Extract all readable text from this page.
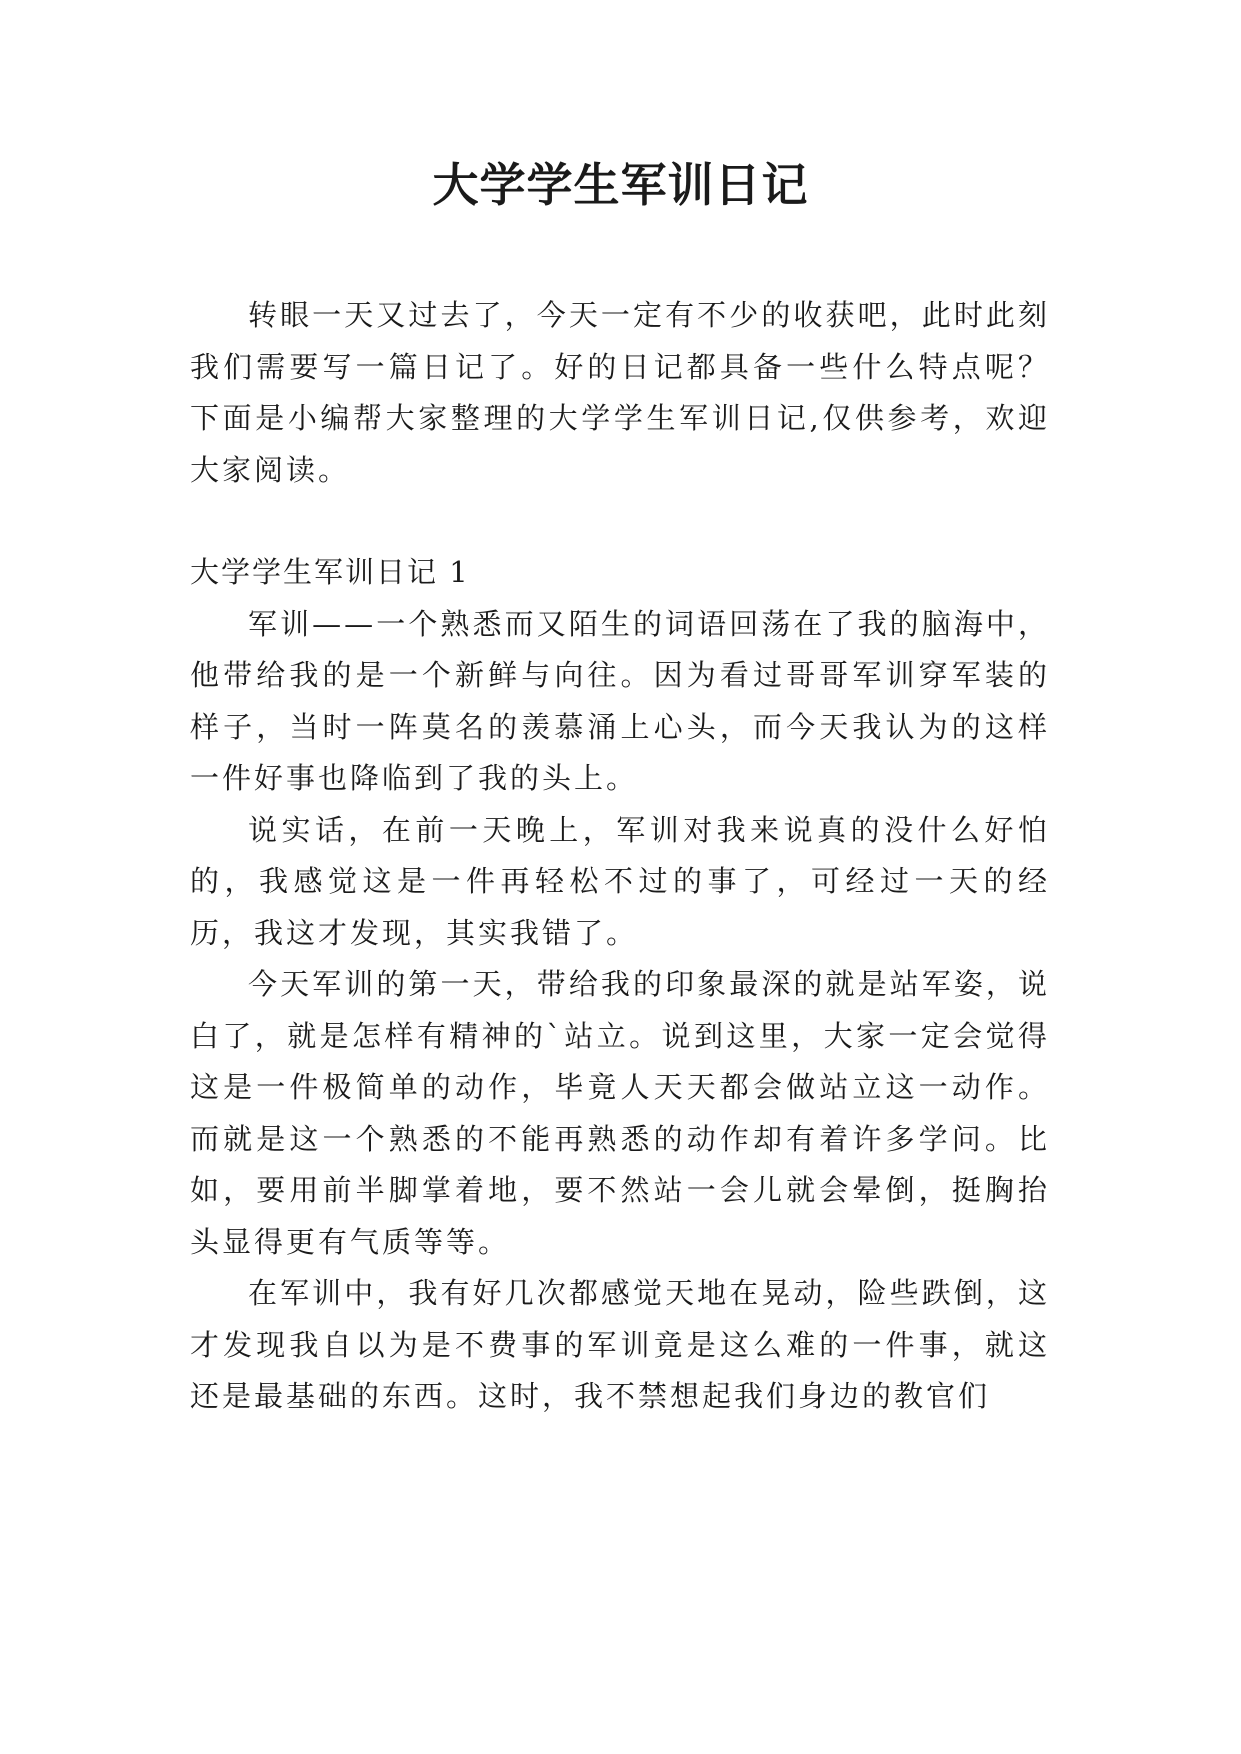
大学学生军训日记

转眼一天又过去了，今天一定有不少的收获吧，此时此刻我们需要写一篇日记了。好的日记都具备一些什么特点呢？下面是小编帮大家整理的大学学生军训日记,仅供参考，欢迎大家阅读。

大学学生军训日记 1

军训——一个熟悉而又陌生的词语回荡在了我的脑海中，他带给我的是一个新鲜与向往。因为看过哥哥军训穿军装的样子，当时一阵莫名的羡慕涌上心头，而今天我认为的这样一件好事也降临到了我的头上。

说实话，在前一天晚上，军训对我来说真的没什么好怕的，我感觉这是一件再轻松不过的事了，可经过一天的经历，我这才发现，其实我错了。

今天军训的第一天，带给我的印象最深的就是站军姿，说白了，就是怎样有精神的`站立。说到这里，大家一定会觉得这是一件极简单的动作，毕竟人天天都会做站立这一动作。而就是这一个熟悉的不能再熟悉的动作却有着许多学问。比如，要用前半脚掌着地，要不然站一会儿就会晕倒，挺胸抬头显得更有气质等等。

在军训中，我有好几次都感觉天地在晃动，险些跌倒，这才发现我自以为是不费事的军训竟是这么难的一件事，就这还是最基础的东西。这时，我不禁想起我们身边的教官们
